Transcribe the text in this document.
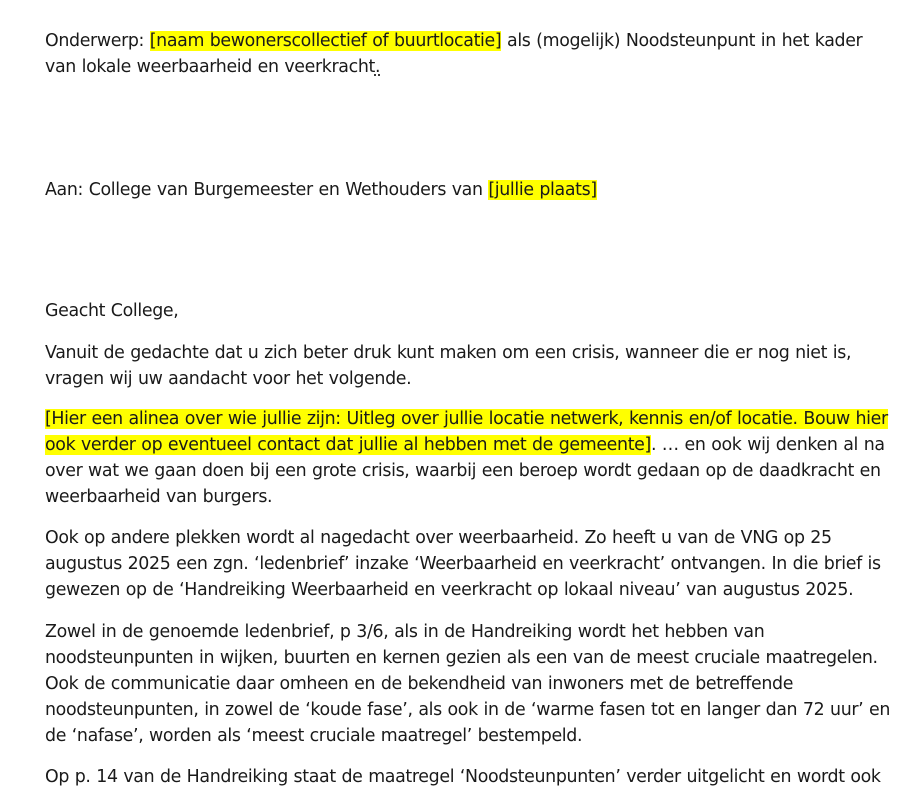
Onderwerp: [naam bewonerscollectief of buurtlocatie] als (mogelijk) Noodsteunpunt in het kader
van lokale weerbaarheid en veerkracht.
Aan: College van Burgemeester en Wethouders van [jullie plaats]
Geacht College,
Vanuit de gedachte dat u zich beter druk kunt maken om een crisis, wanneer die er nog niet is,
vragen wij uw aandacht voor het volgende.
[Hier een alinea over wie jullie zijn: Uitleg over jullie locatie netwerk, kennis en/of locatie. Bouw hier
ook verder op eventueel contact dat jullie al hebben met de gemeente]. … en ook wij denken al na
over wat we gaan doen bij een grote crisis, waarbij een beroep wordt gedaan op de daadkracht en
weerbaarheid van burgers.
Ook op andere plekken wordt al nagedacht over weerbaarheid. Zo heeft u van de VNG op 25
augustus 2025 een zgn. ‘ledenbrief’ inzake ‘Weerbaarheid en veerkracht’ ontvangen. In die brief is
gewezen op de ‘Handreiking Weerbaarheid en veerkracht op lokaal niveau’ van augustus 2025.
Zowel in de genoemde ledenbrief, p 3/6, als in de Handreiking wordt het hebben van
noodsteunpunten in wijken, buurten en kernen gezien als een van de meest cruciale maatregelen.
Ook de communicatie daar omheen en de bekendheid van inwoners met de betreffende
noodsteunpunten, in zowel de ‘koude fase’, als ook in de ‘warme fasen tot en langer dan 72 uur’ en
de ‘nafase’, worden als ‘meest cruciale maatregel’ bestempeld.
Op p. 14 van de Handreiking staat de maatregel ‘Noodsteunpunten’ verder uitgelicht en wordt ook
